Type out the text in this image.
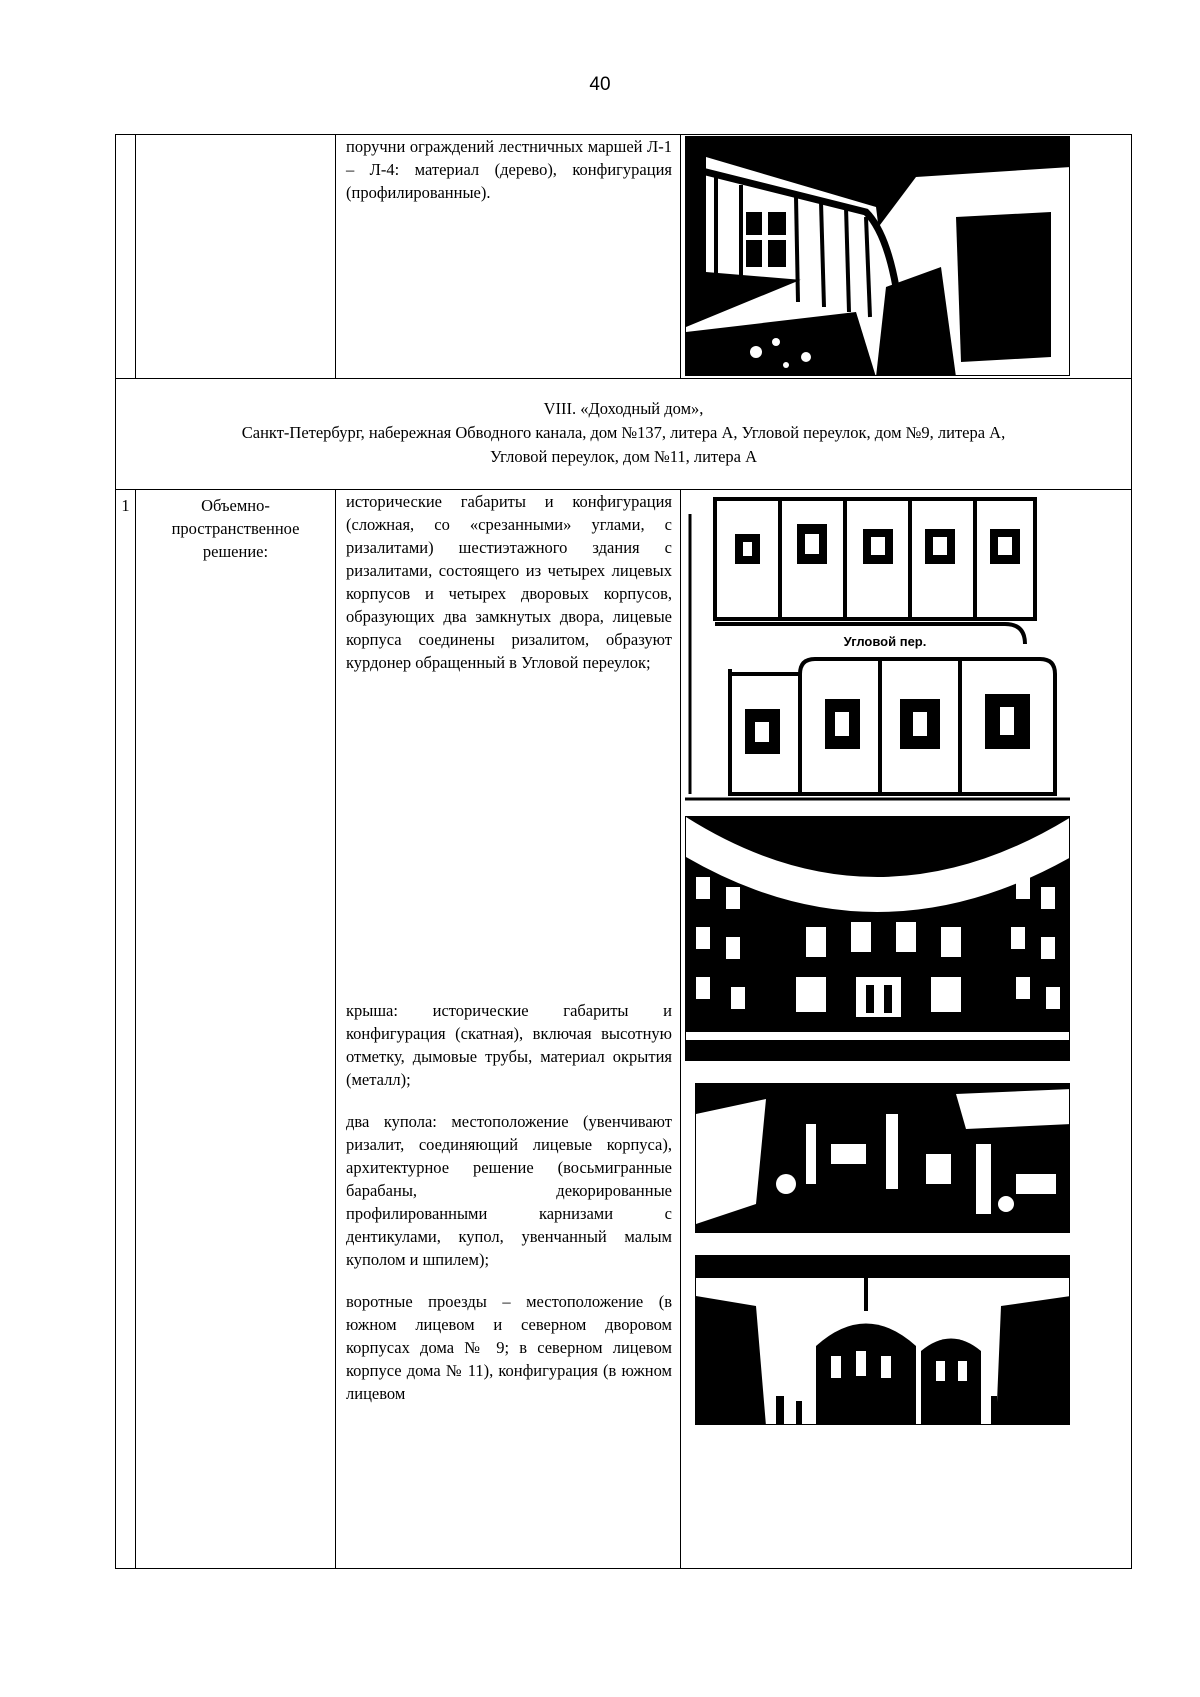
40

		поручни ограждений лестничных маршей Л-1 – Л-4: материал (дерево), конфигурация (профилированные).

VIII. «Доходный дом»,
Санкт-Петербург, набережная Обводного канала, дом №137, литера А, Угловой переулок, дом №9, литера А,
Угловой переулок, дом №11, литера А			

1	Объемно-пространственное решение:	исторические габариты и конфигурация (сложная, со «срезанными» углами, с ризалитами) шестиэтажного здания с ризалитами, состоящего из четырех лицевых корпусов и четырех дворовых корпусов, образующих два замкнутых двора, лицевые корпуса соединены ризалитом, образуют курдонер обращенный в Угловой переулок;

крыша: исторические габариты и конфигурация (скатная), включая высотную отметку, дымовые трубы, материал окрытия (металл);

два купола: местоположение (увенчивают ризалит, соединяющий лицевые корпуса), архитектурное решение (восьмигранные барабаны, декорированные профилированными карнизами с дентикулами, купол, увенчанный малым куполом и шпилем);

воротные проезды – местоположение (в южном лицевом и северном дворовом корпусах дома № 9; в северном лицевом корпусе дома № 11), конфигурация (в южном лицевом	Угловой пер.
